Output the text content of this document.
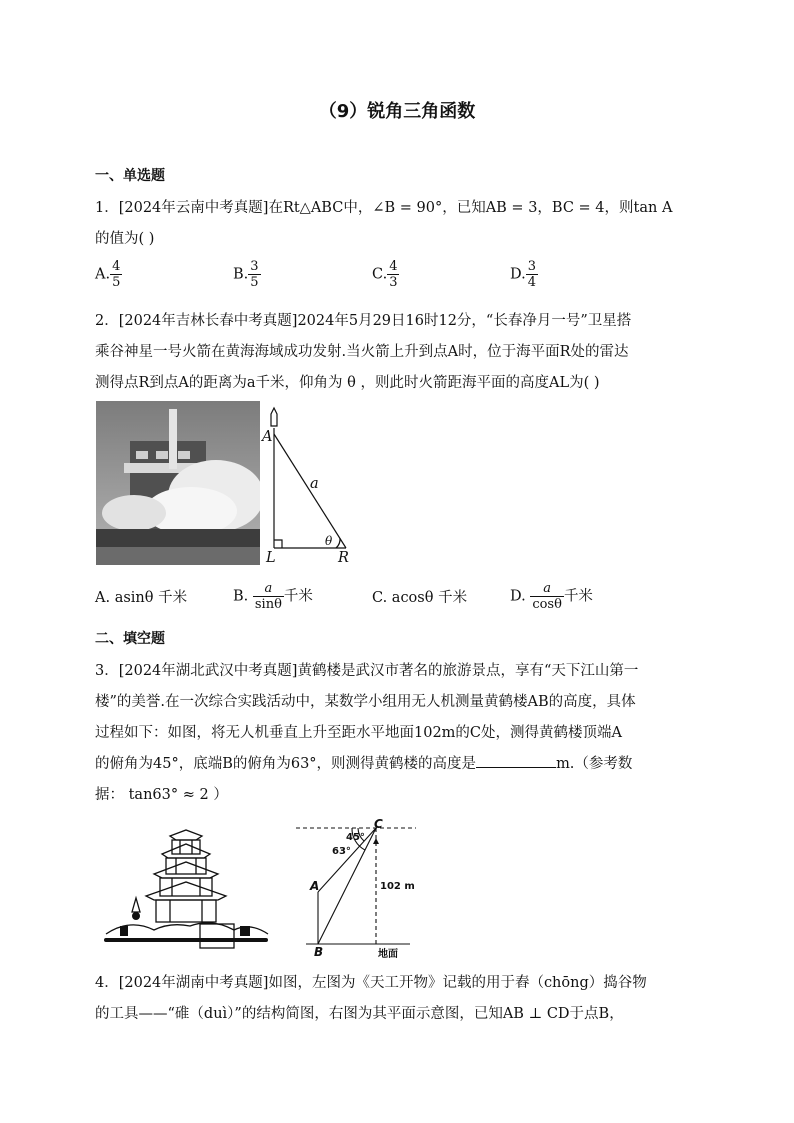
（9）锐角三角函数
一、单选题
1．[2024年云南中考真题]在Rt△ABC中，∠B = 90°，已知AB = 3，BC = 4，则tan A
的值为( )
A. $\frac{4}{5}$	B. $\frac{3}{5}$	C. $\frac{4}{3}$	D. $\frac{3}{4}$
2．[2024年吉林长春中考真题]2024年5月29日16时12分，“长春净月一号”卫星搭
乘谷神星一号火箭在黄海海域成功发射.当火箭上升到点A时，位于海平面R处的雷达
测得点R到点A的距离为a千米，仰角为 θ ，则此时火箭距海平面的高度AL为( )
A
a
θ
L	R
A. asinθ 千米	B. $\frac{a}{\sin\theta}$ 千米	C. acosθ 千米	D. $\frac{a}{\cos\theta}$ 千米
二、填空题
3．[2024年湖北武汉中考真题]黄鹤楼是武汉市著名的旅游景点，享有“天下江山第一
楼”的美誉.在一次综合实践活动中，某数学小组用无人机测量黄鹤楼AB的高度，具体
过程如下：如图，将无人机垂直上升至距水平地面102m的C处，测得黄鹤楼顶端A
的俯角为45°，底端B的俯角为63°，则测得黄鹤楼的高度是	m.（参考数
据： tan63° ≈ 2 ）
C
45°
63°
A
B
102 m
地面
4．[2024年湖南中考真题]如图，左图为《天工开物》记载的用于舂（chōng）捣谷物
的工具——“碓（duì）”的结构简图，右图为其平面示意图，已知AB ⊥ CD于点B，
